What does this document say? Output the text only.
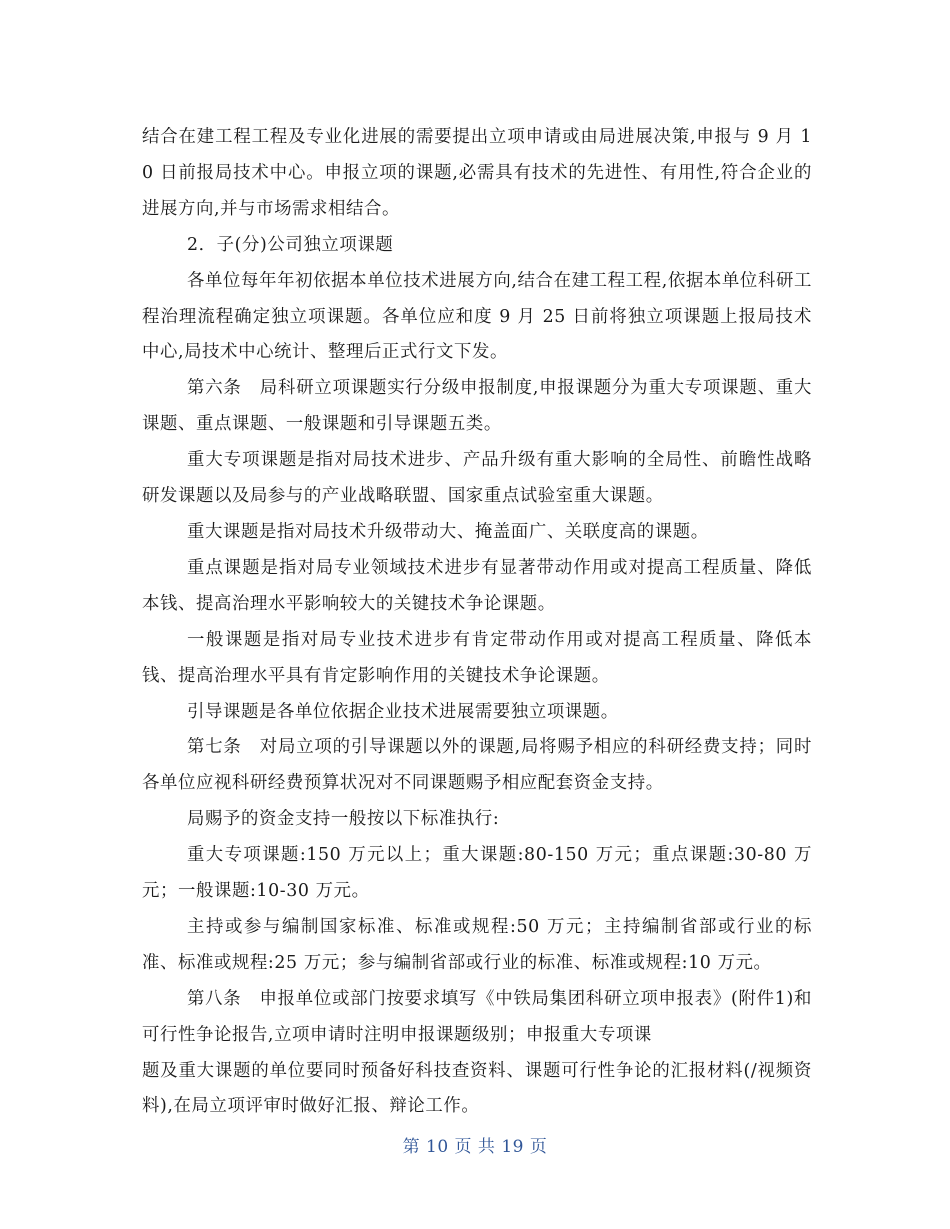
结合在建工程工程及专业化进展的需要提出立项申请或由局进展决策,申报与 9 月 10 日前报局技术中心。申报立项的课题,必需具有技术的先进性、有用性,符合企业的进展方向,并与市场需求相结合。

2．子(分)公司独立项课题

各单位每年年初依据本单位技术进展方向,结合在建工程工程,依据本单位科研工程治理流程确定独立项课题。各单位应和度 9 月 25 日前将独立项课题上报局技术中心,局技术中心统计、整理后正式行文下发。

第六条　局科研立项课题实行分级申报制度,申报课题分为重大专项课题、重大课题、重点课题、一般课题和引导课题五类。

重大专项课题是指对局技术进步、产品升级有重大影响的全局性、前瞻性战略研发课题以及局参与的产业战略联盟、国家重点试验室重大课题。

重大课题是指对局技术升级带动大、掩盖面广、关联度高的课题。

重点课题是指对局专业领域技术进步有显著带动作用或对提高工程质量、降低本钱、提高治理水平影响较大的关键技术争论课题。

一般课题是指对局专业技术进步有肯定带动作用或对提高工程质量、降低本钱、提高治理水平具有肯定影响作用的关键技术争论课题。

引导课题是各单位依据企业技术进展需要独立项课题。

第七条　对局立项的引导课题以外的课题,局将赐予相应的科研经费支持；同时各单位应视科研经费预算状况对不同课题赐予相应配套资金支持。

局赐予的资金支持一般按以下标准执行:

重大专项课题:150 万元以上；重大课题:80-150 万元；重点课题:30-80 万元；一般课题:10-30 万元。

主持或参与编制国家标准、标准或规程:50 万元；主持编制省部或行业的标准、标准或规程:25 万元；参与编制省部或行业的标准、标准或规程:10 万元。

第八条　申报单位或部门按要求填写《中铁局集团科研立项申报表》(附件1)和可行性争论报告,立项申请时注明申报课题级别；申报重大专项课

题及重大课题的单位要同时预备好科技查资料、课题可行性争论的汇报材料(/视频资料),在局立项评审时做好汇报、辩论工作。

第 10 页 共 19 页
